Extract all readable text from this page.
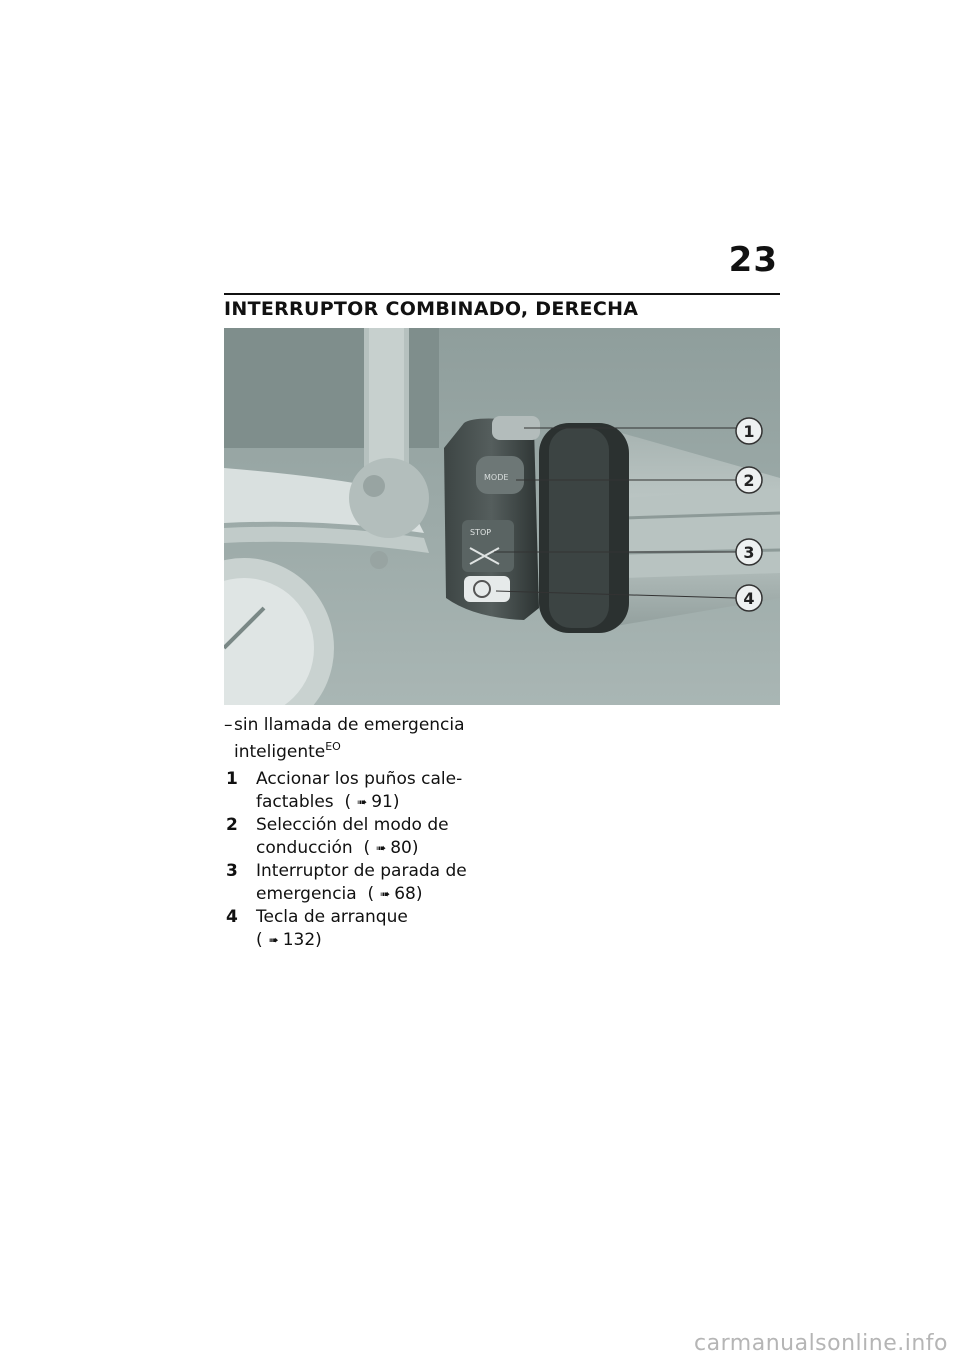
23
INTERRUPTOR COMBINADO, DERECHA
MODE
STOP
1
2
3
4
– sin llamada de emergencia
inteligente$^{EO}$
1 Accionar los puños cale-
factables ( ➠ 91)
2 Selección del modo de
conducción ( ➠ 80)
3 Interruptor de parada de
emergencia ( ➠ 68)
4 Tecla de arranque
( ➠ 132)
carmanualsonline.info
